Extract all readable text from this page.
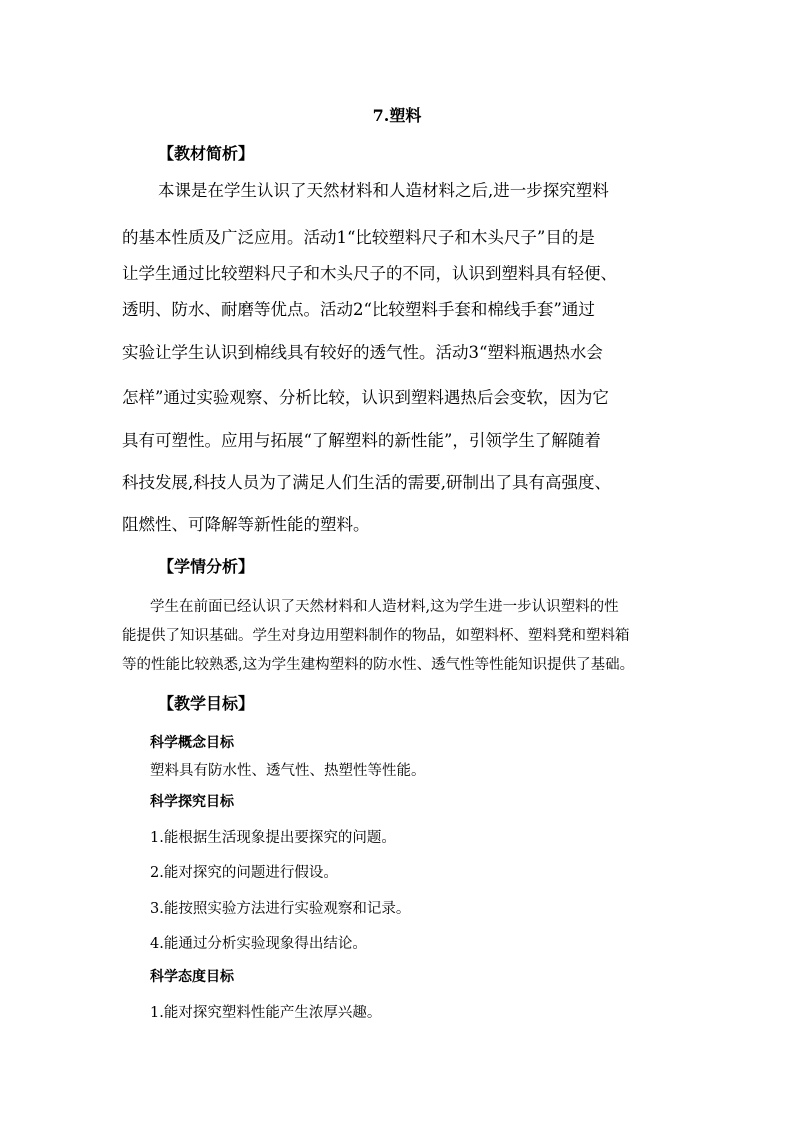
7.塑料
【教材简析】
本课是在学生认识了天然材料和人造材料之后,进一步探究塑料
的基本性质及广泛应用。活动1“比较塑料尺子和木头尺子”目的是
让学生通过比较塑料尺子和木头尺子的不同，认识到塑料具有轻便、
透明、防水、耐磨等优点。活动2“比较塑料手套和棉线手套”通过
实验让学生认识到棉线具有较好的透气性。活动3“塑料瓶遇热水会
怎样”通过实验观察、分析比较，认识到塑料遇热后会变软，因为它
具有可塑性。应用与拓展“了解塑料的新性能”，引领学生了解随着
科技发展,科技人员为了满足人们生活的需要,研制出了具有高强度、
阻燃性、可降解等新性能的塑料。
【学情分析】
学生在前面已经认识了天然材料和人造材料,这为学生进一步认识塑料的性
能提供了知识基础。学生对身边用塑料制作的物品，如塑料杯、塑料凳和塑料箱
等的性能比较熟悉,这为学生建构塑料的防水性、透气性等性能知识提供了基础。
【教学目标】
科学概念目标
塑料具有防水性、透气性、热塑性等性能。
科学探究目标
1.能根据生活现象提出要探究的问题。
2.能对探究的问题进行假设。
3.能按照实验方法进行实验观察和记录。
4.能通过分析实验现象得出结论。
科学态度目标
1.能对探究塑料性能产生浓厚兴趣。
